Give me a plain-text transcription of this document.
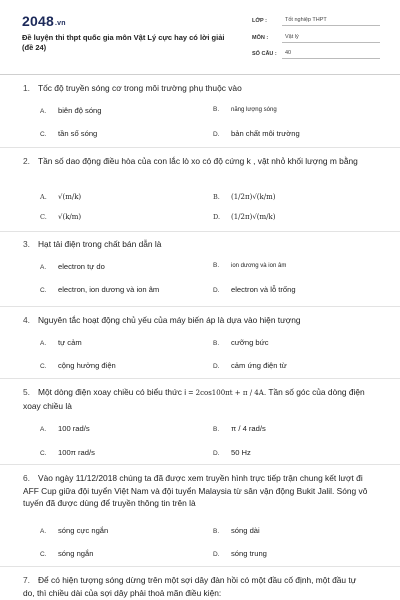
2048.vn
Đề luyện thi thpt quốc gia môn Vật Lý cực hay có lời giải (đề 24)
LỚP :	Tốt nghiệp THPT
MÔN :	Vật lý
SỐ CÂU :	40
1. Tốc độ truyền sóng cơ trong môi trường phụ thuộc vào
A. biên độ sóng	B. năng lượng sóng
C. tần số sóng	D. bản chất môi trường
2. Tần số dao động điều hòa của con lắc lò xo có độ cứng k , vật nhỏ khối lượng m bằng
A. √(m/k)	B. (1/2π)√(k/m)
C. √(k/m)	D. (1/2π)√(m/k)
3. Hạt tải điện trong chất bán dẫn là
A. electron tự do	B. ion dương và ion âm
C. electron, ion dương và ion âm	D. electron và lỗ trống
4. Nguyên tắc hoạt động chủ yếu của máy biến áp là dựa vào hiện tượng
A. tự cảm	B. cưỡng bức
C. cộng hưởng điện	D. cảm ứng điện từ
5. Một dòng điện xoay chiều có biểu thức i = 2cos100πt + π / 4A. Tần số góc của dòng điện xoay chiều là
A. 100 rad/s	B. π / 4 rad/s
C. 100π rad/s	D. 50 Hz
6. Vào ngày 11/12/2018 chúng ta đã được xem truyền hình trực tiếp trận chung kết lượt đi AFF Cup giữa đội tuyển Việt Nam và đội tuyển Malaysia từ sân vận động Bukit Jalil. Sóng vô tuyến đã được dùng để truyền thông tin trên là
A. sóng cực ngắn	B. sóng dài
C. sóng ngắn	D. sóng trung
7. Để có hiện tượng sóng dừng trên một sợi dây đàn hồi có một đầu cố định, một đầu tự do, thì chiều dài của sợi dây phải thoả mãn điều kiện:
